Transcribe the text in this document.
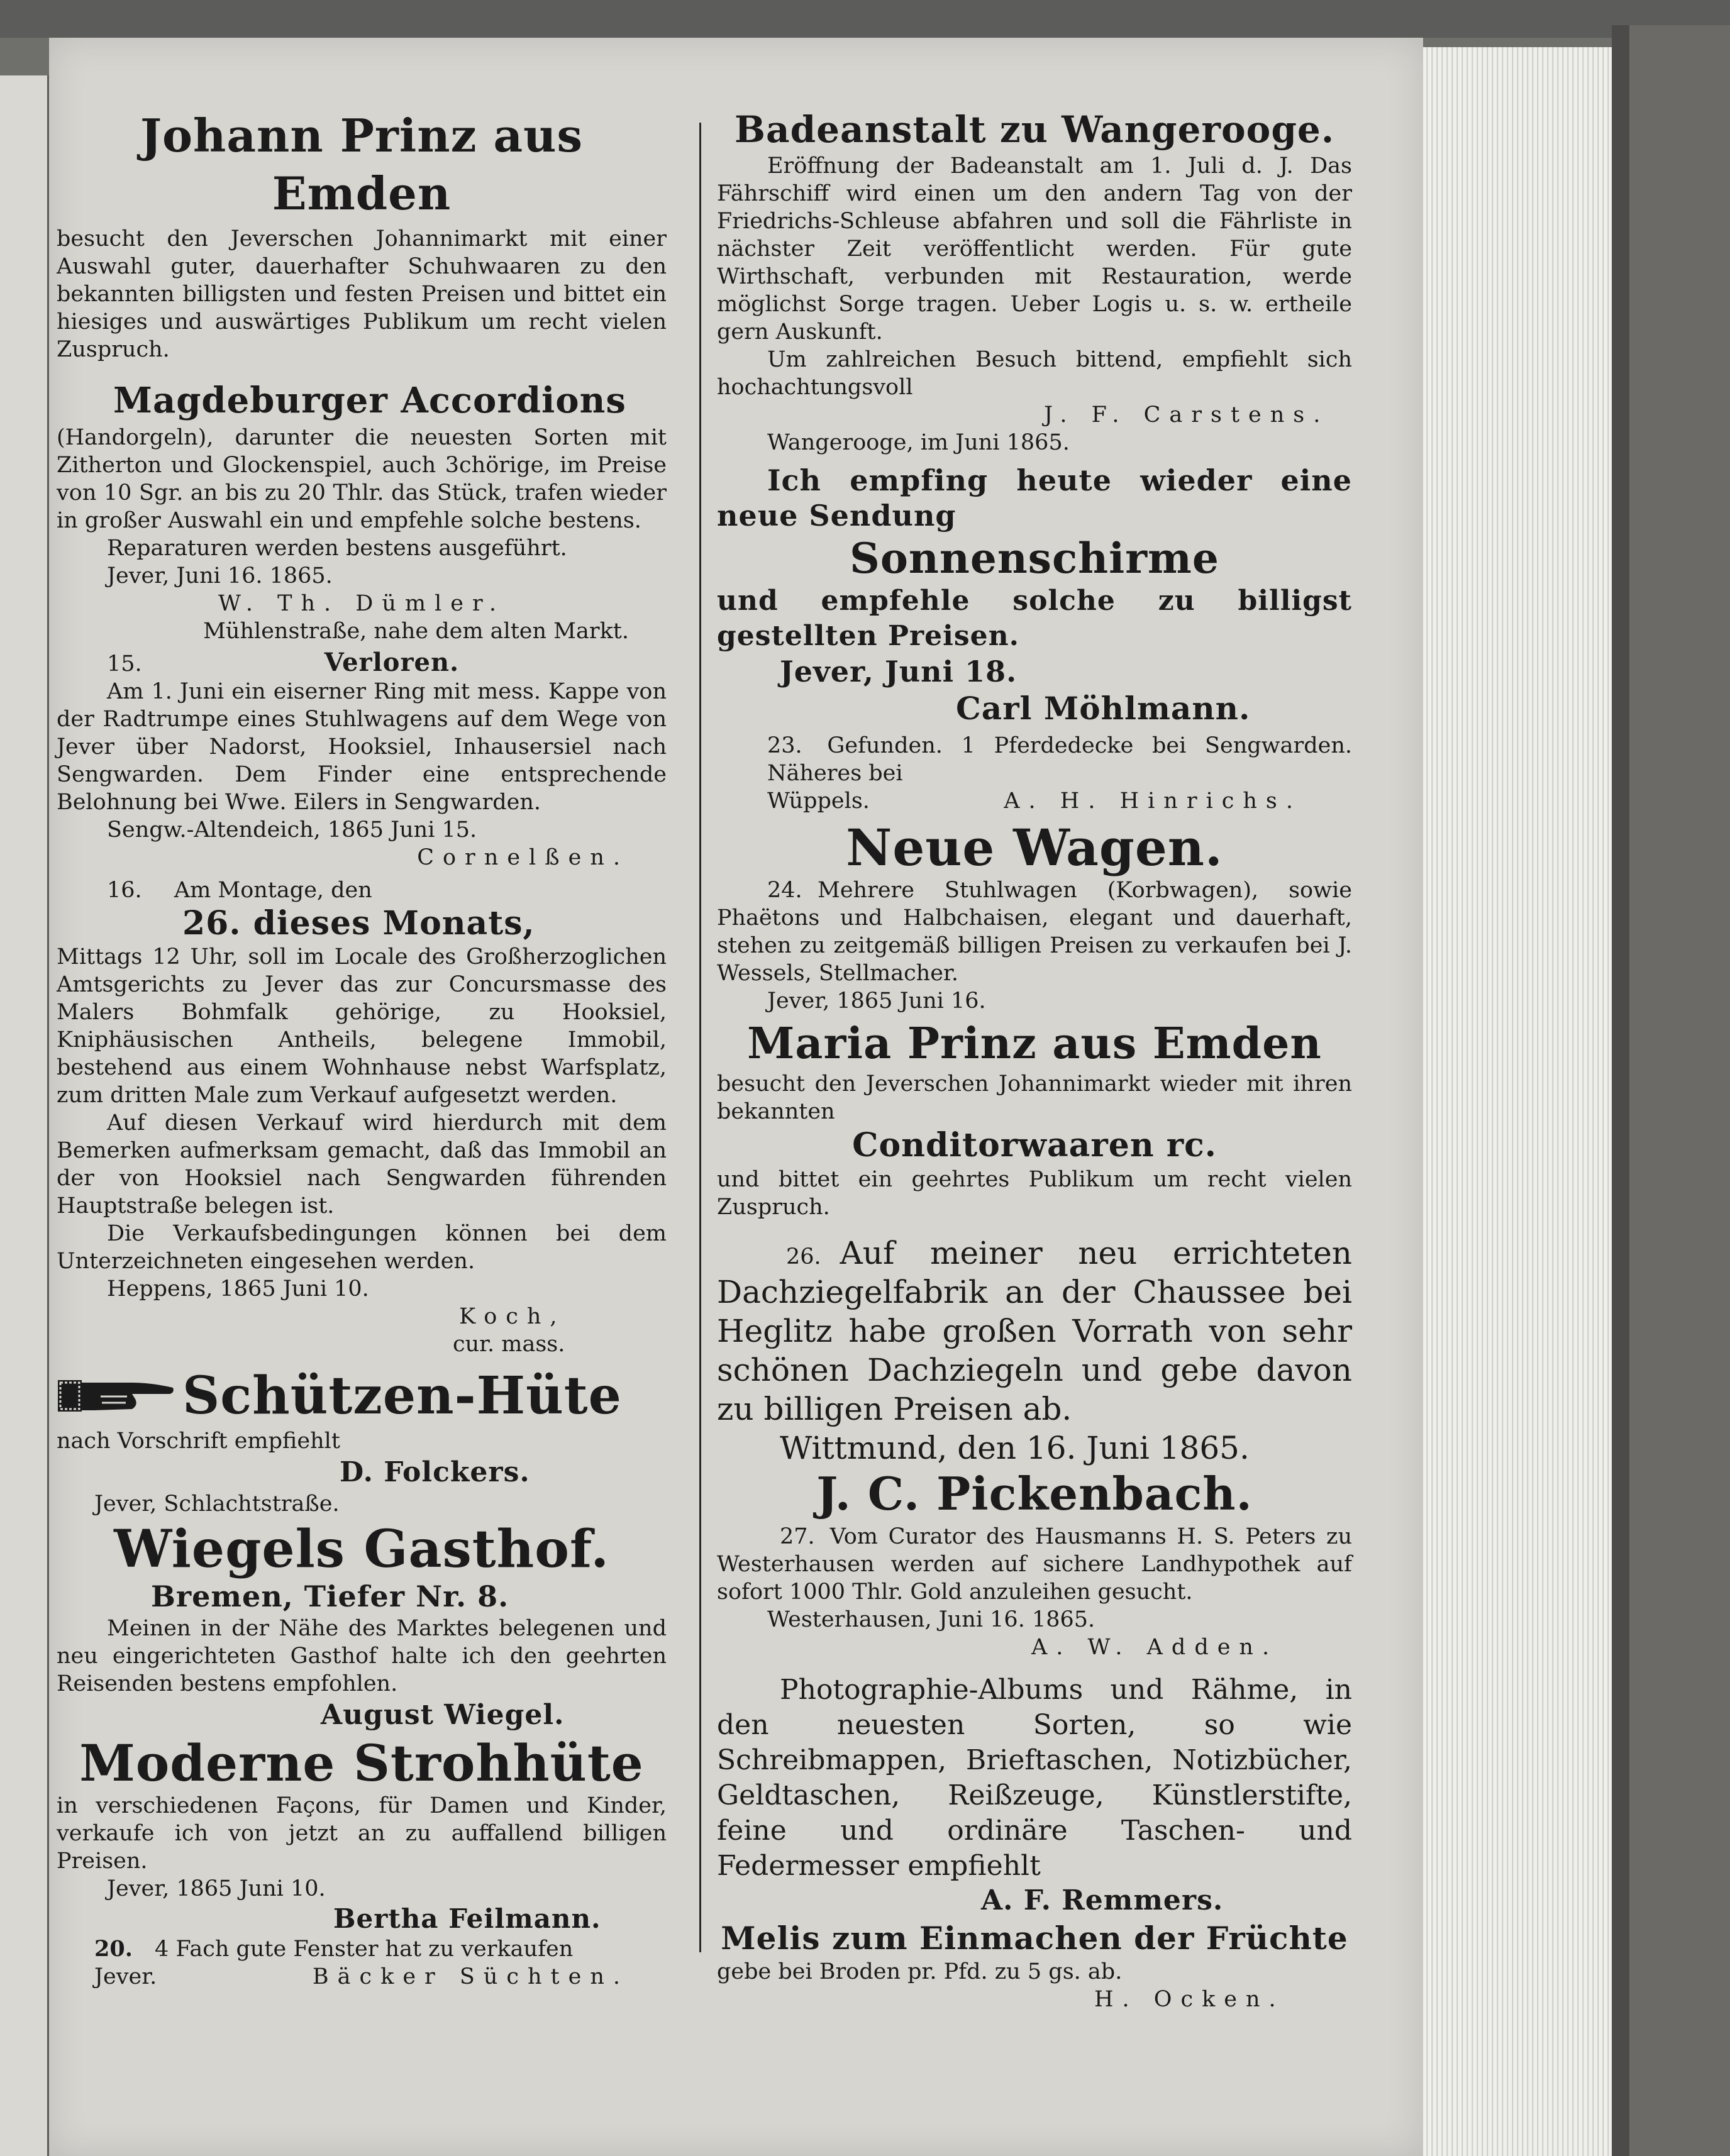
Johann Prinz aus Emden

besucht den Jeverschen Johannimarkt mit einer Auswahl guter, dauerhafter Schuhwaaren zu den bekannten billigsten und festen Preisen und bittet ein hiesiges und auswärtiges Publikum um recht vielen Zuspruch.

Magdeburger Accordions

(Handorgeln), darunter die neuesten Sorten mit Zitherton und Glockenspiel, auch 3chörige, im Preise von 10 Sgr. an bis zu 20 Thlr. das Stück, trafen wieder in großer Auswahl ein und empfehle solche bestens.

Reparaturen werden bestens ausgeführt.

Jever, Juni 16. 1865.

W. Th. Dümler.

Mühlenstraße, nahe dem alten Markt.

15.	Verloren.

Am 1. Juni ein eiserner Ring mit mess. Kappe von der Radtrumpe eines Stuhlwagens auf dem Wege von Jever über Nadorst, Hooksiel, Inhausersiel nach Sengwarden. Dem Finder eine entsprechende Belohnung bei Wwe. Eilers in Sengwarden.

Sengw.-Altendeich, 1865 Juni 15.

Cornelßen.

16. Am Montage, den
26. dieses Monats,

Mittags 12 Uhr, soll im Locale des Großherzoglichen Amtsgerichts zu Jever das zur Concursmasse des Malers Bohmfalk gehörige, zu Hooksiel, Kniphäusischen Antheils, belegene Immobil, bestehend aus einem Wohnhause nebst Warfsplatz, zum dritten Male zum Verkauf aufgesetzt werden.

Auf diesen Verkauf wird hierdurch mit dem Bemerken aufmerksam gemacht, daß das Immobil an der von Hooksiel nach Sengwarden führenden Hauptstraße belegen ist.

Die Verkaufsbedingungen können bei dem Unterzeichneten eingesehen werden.

Heppens, 1865 Juni 10.

Koch,

cur. mass.

Schützen-Hüte

nach Vorschrift empfiehlt

D. Folckers.

Jever, Schlachtstraße.

Wiegels Gasthof.
Bremen, Tiefer Nr. 8.

Meinen in der Nähe des Marktes belegenen und neu eingerichteten Gasthof halte ich den geehrten Reisenden bestens empfohlen.

August Wiegel.

Moderne Strohhüte

in verschiedenen Façons, für Damen und Kinder, verkaufe ich von jetzt an zu auffallend billigen Preisen.

Jever, 1865 Juni 10.

Bertha Feilmann.

20. 4 Fach gute Fenster hat zu verkaufen
Jever.	Bäcker Süchten.
Badeanstalt zu Wangerooge.

Eröffnung der Badeanstalt am 1. Juli d. J. Das Fährschiff wird einen um den andern Tag von der Friedrichs-Schleuse abfahren und soll die Fährliste in nächster Zeit veröffentlicht werden. Für gute Wirthschaft, verbunden mit Restauration, werde möglichst Sorge tragen. Ueber Logis u. s. w. ertheile gern Auskunft.

Um zahlreichen Besuch bittend, empfiehlt sich hochachtungsvoll

J. F. Carstens.

Wangerooge, im Juni 1865.

Ich empfing heute wieder eine neue Sendung

Sonnenschirme

und empfehle solche zu billigst gestellten Preisen.

Jever, Juni 18.

Carl Möhlmann.

23. Gefunden. 1 Pferdedecke bei Sengwarden. Näheres bei
Wüppels.	A. H. Hinrichs.
Neue Wagen.
24. Mehrere Stuhlwagen (Korbwagen), sowie Phaëtons und Halbchaisen, elegant und dauerhaft, stehen zu zeitgemäß billigen Preisen zu verkaufen bei J. Wessels, Stellmacher.

Jever, 1865 Juni 16.

Maria Prinz aus Emden

besucht den Jeverschen Johannimarkt wieder mit ihren bekannten

Conditorwaaren rc.

und bittet ein geehrtes Publikum um recht vielen Zuspruch.

26. Auf meiner neu errichteten Dachziegelfabrik an der Chaussee bei Heglitz habe großen Vorrath von sehr schönen Dachziegeln und gebe davon zu billigen Preisen ab.

Wittmund, den 16. Juni 1865.

J. C. Pickenbach.

27. Vom Curator des Hausmanns H. S. Peters zu Westerhausen werden auf sichere Landhypothek auf sofort 1000 Thlr. Gold anzuleihen gesucht.

Westerhausen, Juni 16. 1865.

A. W. Adden.

Photographie-Albums und Rähme, in den neuesten Sorten, so wie Schreibmappen, Brieftaschen, Notizbücher, Geldtaschen, Reißzeuge, Künstlerstifte, feine und ordinäre Taschen- und Federmesser empfiehlt

A. F. Remmers.

Melis zum Einmachen der Früchte

gebe bei Broden pr. Pfd. zu 5 gs. ab.

H. Ocken.
